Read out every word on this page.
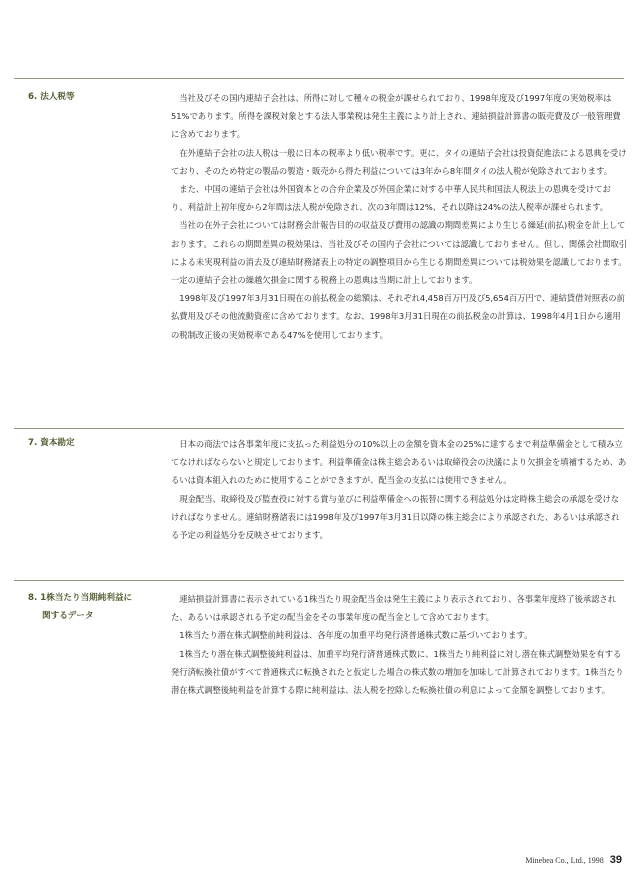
6. 法人税等	当社及びその国内連結子会社は、所得に対して種々の税金が課せられており、1998年度及び1997年度の実効税率は51%であります。所得を課税対象とする法人事業税は発生主義により計上され、連結損益計算書の販売費及び一般管理費に含めております。

在外連結子会社の法人税は一般に日本の税率より低い税率です。更に、タイの連結子会社は投資促進法による恩典を受けており、そのため特定の製品の製造・販売から得た利益については3年から8年間タイの法人税が免除されております。

また、中国の連結子会社は外国資本との合弁企業及び外国企業に対する中華人民共和国法人税法上の恩典を受けており、利益計上初年度から2年間は法人税が免除され、次の3年間は12%、それ以降は24%の法人税率が課せられます。

当社の在外子会社については財務会計報告目的の収益及び費用の認識の期間差異により生じる繰延(前払)税金を計上しております。これらの期間差異の税効果は、当社及びその国内子会社については認識しておりません。但し、関係会社間取引による未実現利益の消去及び連結財務諸表上の特定の調整項目から生じる期間差異については税効果を認識しております。一定の連結子会社の繰越欠損金に関する税務上の恩典は当期に計上しております。

1998年及び1997年3月31日現在の前払税金の総額は、それぞれ4,458百万円及び5,654百万円で、連結貸借対照表の前払費用及びその他流動資産に含めております。なお、1998年3月31日現在の前払税金の計算は、1998年4月1日から適用の税制改正後の実効税率である47%を使用しております。

7. 資本勘定	日本の商法では各事業年度に支払った利益処分の10%以上の金額を資本金の25%に達するまで利益準備金として積み立てなければならないと規定しております。利益準備金は株主総会あるいは取締役会の決議により欠損金を填補するため、あるいは資本組入れのために使用することができますが、配当金の支払には使用できません。

現金配当、取締役及び監査役に対する賞与並びに利益準備金への振替に関する利益処分は定時株主総会の承認を受けなければなりません。連結財務諸表には1998年及び1997年3月31日以降の株主総会により承認された、あるいは承認される予定の利益処分を反映させております。

8. 1株当たり当期純利益に
関するデータ

連結損益計算書に表示されている1株当たり現金配当金は発生主義により表示されており、各事業年度終了後承認された、あるいは承認される予定の配当金をその事業年度の配当金として含めております。

1株当たり潜在株式調整前純利益は、各年度の加重平均発行済普通株式数に基づいております。

1株当たり潜在株式調整後純利益は、加重平均発行済普通株式数に、1株当たり純利益に対し潜在株式調整効果を有する発行済転換社債がすべて普通株式に転換されたと仮定した場合の株式数の増加を加味して計算されております。1株当たり潜在株式調整後純利益を計算する際に純利益は、法人税を控除した転換社債の利息によって金額を調整しております。

Minebea Co., Ltd., 1998 39
